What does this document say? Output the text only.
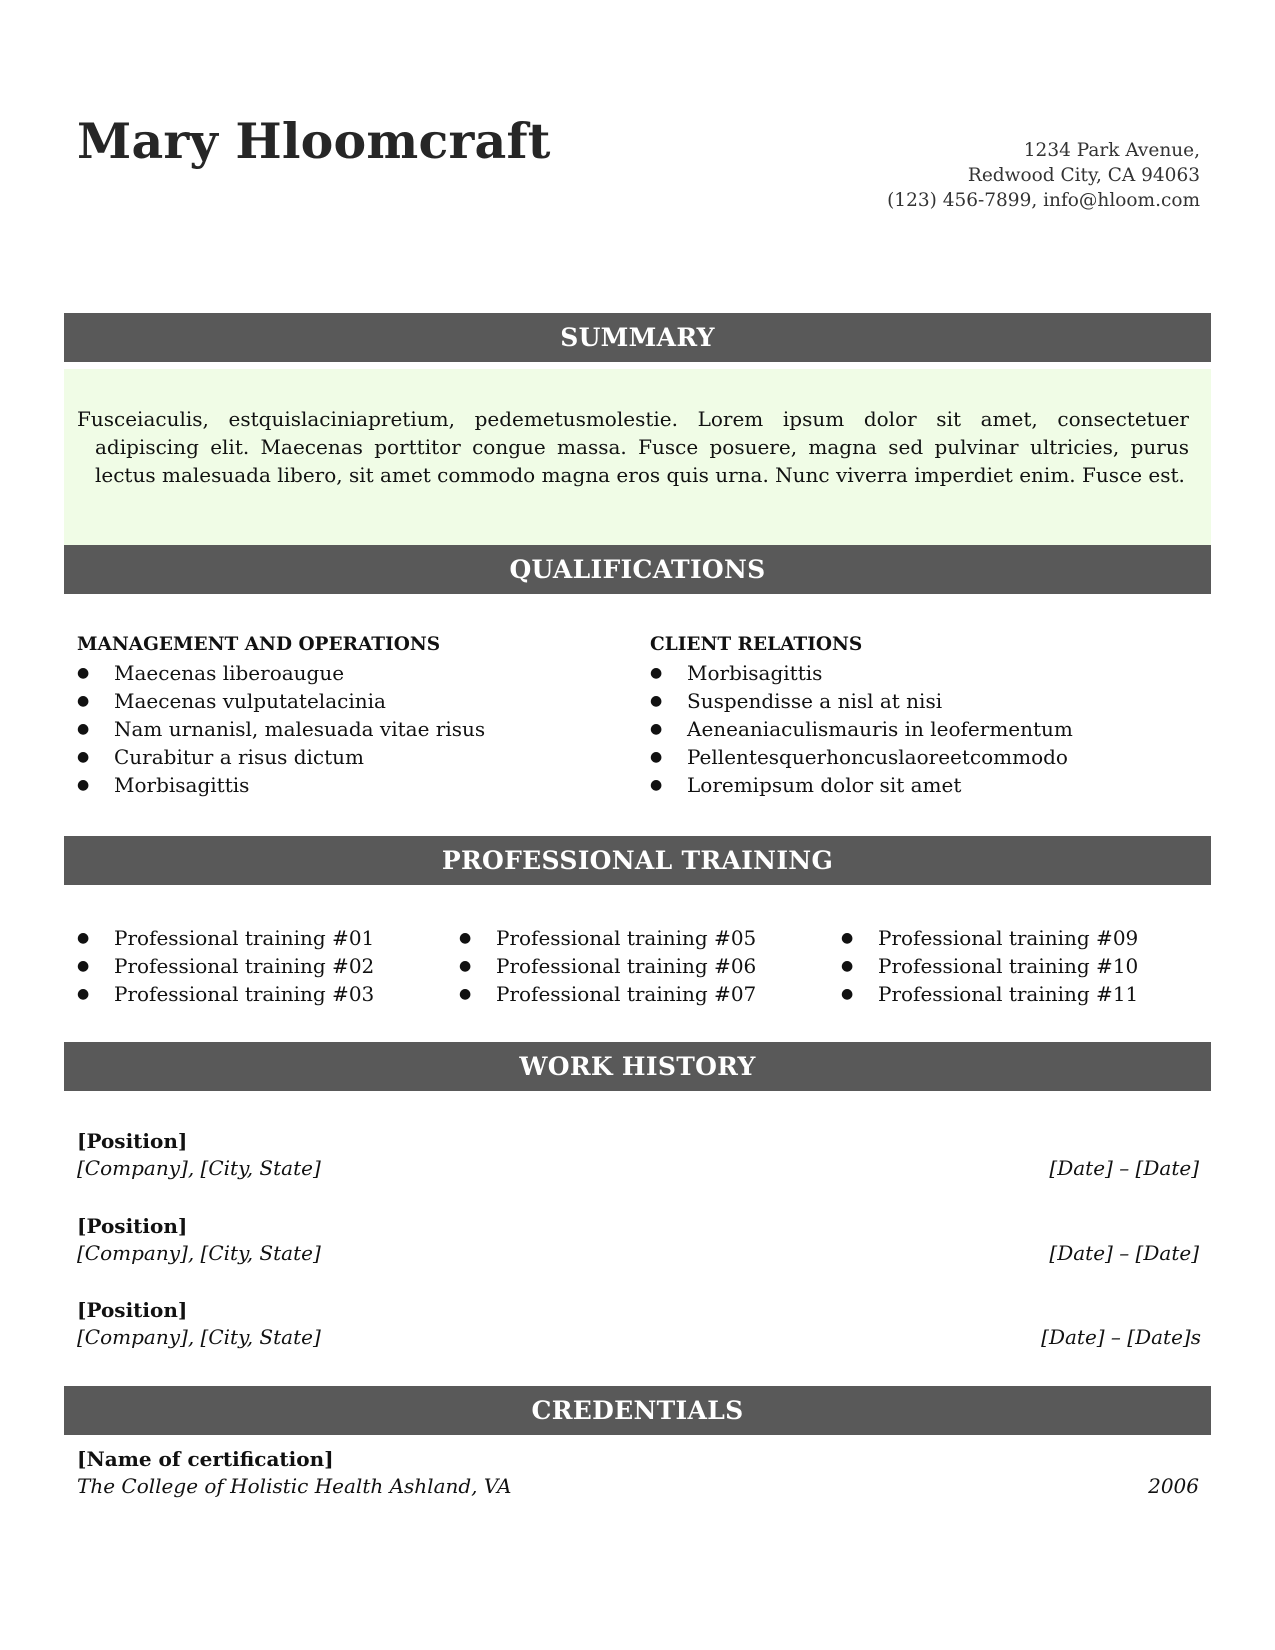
Mary Hloomcraft	1234 Park Avenue,
Redwood City, CA 94063
(123) 456-7899, info@hloom.com
SUMMARY
Fusceiaculis, estquislaciniapretium, pedemetusmolestie. Lorem ipsum dolor sit amet, consectetuer adipiscing elit. Maecenas porttitor congue massa. Fusce posuere, magna sed pulvinar ultricies, purus lectus malesuada libero, sit amet commodo magna eros quis urna. Nunc viverra imperdiet enim. Fusce est.
QUALIFICATIONS
MANAGEMENT AND OPERATIONS
● Maecenas liberoaugue
● Maecenas vulputatelacinia
● Nam urnanisl, malesuada vitae risus
● Curabitur a risus dictum
● Morbisagittis
CLIENT RELATIONS
● Morbisagittis
● Suspendisse a nisl at nisi
● Aeneaniaculismauris in leofermentum
● Pellentesquerhoncuslaoreetcommodo
● Loremipsum dolor sit amet
PROFESSIONAL TRAINING
● Professional training #01
● Professional training #02
● Professional training #03
● Professional training #05
● Professional training #06
● Professional training #07
● Professional training #09
● Professional training #10
● Professional training #11
WORK HISTORY
[Position]
[Company], [City, State]	[Date] – [Date]
[Position]
[Company], [City, State]	[Date] – [Date]
[Position]
[Company], [City, State]	[Date] – [Date]s
CREDENTIALS
[Name of certification]
The College of Holistic Health Ashland, VA	2006
